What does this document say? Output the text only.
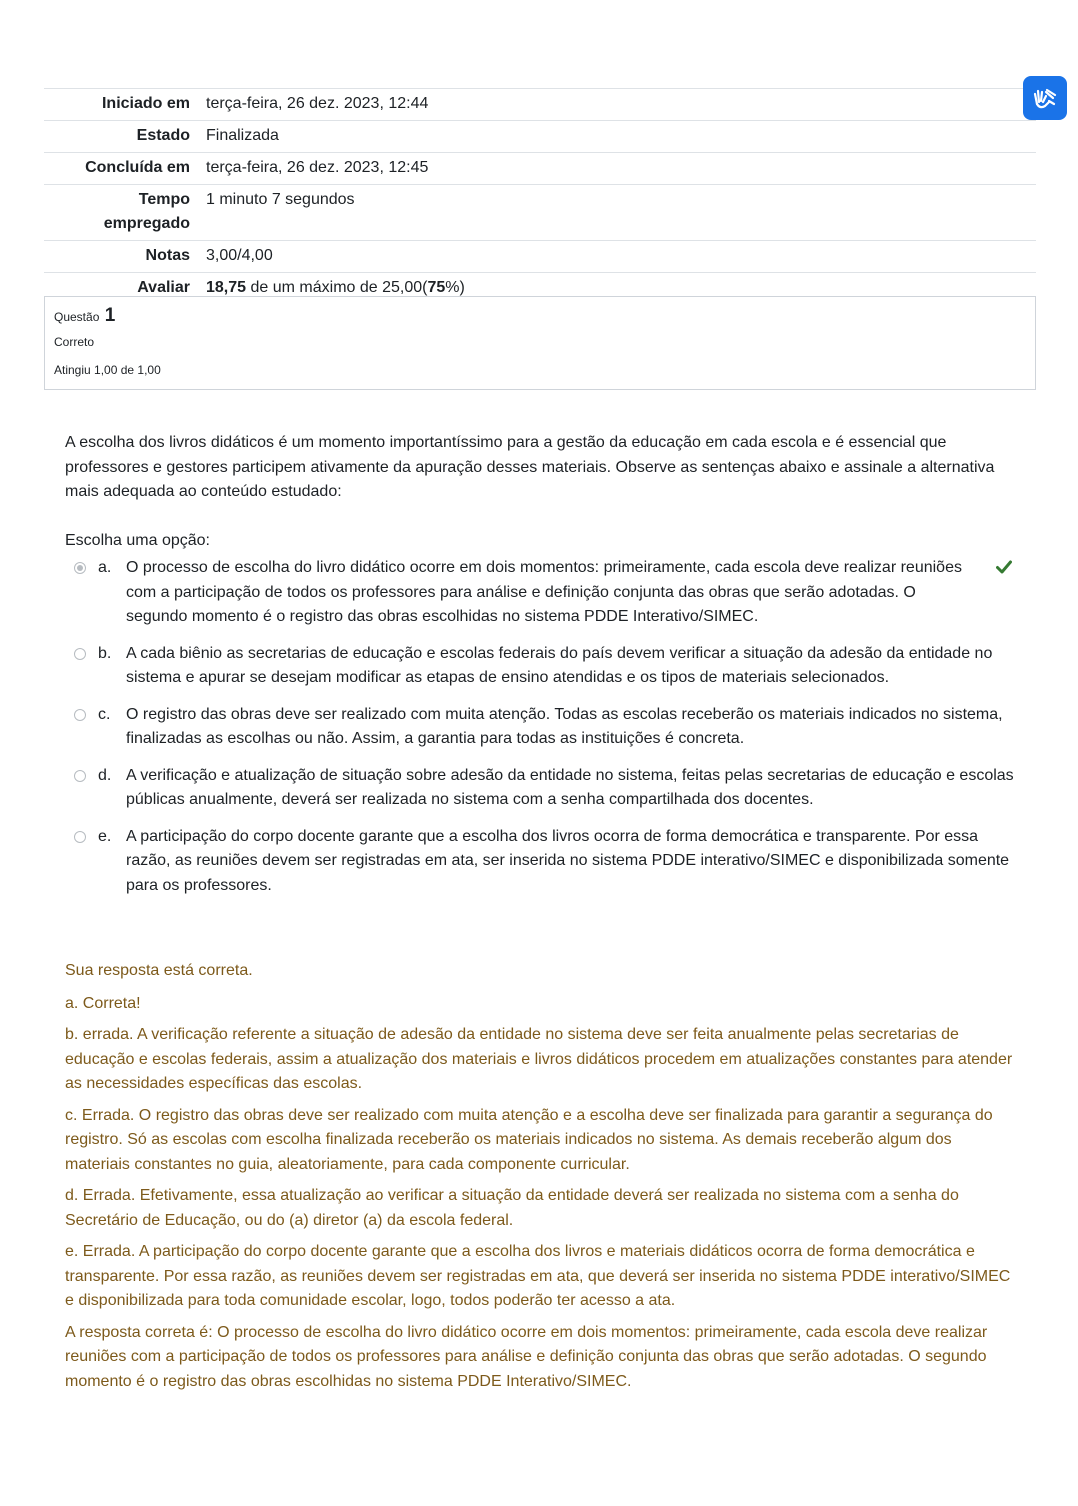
Iniciado em	terça-feira, 26 dez. 2023, 12:44
Estado	Finalizada
Concluída em	terça-feira, 26 dez. 2023, 12:45
Tempo empregado	1 minuto 7 segundos
Notas	3,00/4,00
Avaliar	18,75 de um máximo de 25,00(75%)
Questão 1
Correto
Atingiu 1,00 de 1,00
A escolha dos livros didáticos é um momento importantíssimo para a gestão da educação em cada escola e é essencial que professores e gestores participem ativamente da apuração desses materiais. Observe as sentenças abaixo e assinale a alternativa mais adequada ao conteúdo estudado:
Escolha uma opção:
a. O processo de escolha do livro didático ocorre em dois momentos: primeiramente, cada escola deve realizar reuniões com a participação de todos os professores para análise e definição conjunta das obras que serão adotadas. O segundo momento é o registro das obras escolhidas no sistema PDDE Interativo/SIMEC.
b. A cada biênio as secretarias de educação e escolas federais do país devem verificar a situação da adesão da entidade no sistema e apurar se desejam modificar as etapas de ensino atendidas e os tipos de materiais selecionados.
c. O registro das obras deve ser realizado com muita atenção. Todas as escolas receberão os materiais indicados no sistema, finalizadas as escolhas ou não. Assim, a garantia para todas as instituições é concreta.
d. A verificação e atualização de situação sobre adesão da entidade no sistema, feitas pelas secretarias de educação e escolas públicas anualmente, deverá ser realizada no sistema com a senha compartilhada dos docentes.
e. A participação do corpo docente garante que a escolha dos livros ocorra de forma democrática e transparente. Por essa razão, as reuniões devem ser registradas em ata, ser inserida no sistema PDDE interativo/SIMEC e disponibilizada somente para os professores.

Sua resposta está correta.

a. Correta!

b. errada. A verificação referente a situação de adesão da entidade no sistema deve ser feita anualmente pelas secretarias de educação e escolas federais, assim a atualização dos materiais e livros didáticos procedem em atualizações constantes para atender as necessidades específicas das escolas.

c. Errada. O registro das obras deve ser realizado com muita atenção e a escolha deve ser finalizada para garantir a segurança do registro. Só as escolas com escolha finalizada receberão os materiais indicados no sistema. As demais receberão algum dos materiais constantes no guia, aleatoriamente, para cada componente curricular.

d. Errada. Efetivamente, essa atualização ao verificar a situação da entidade deverá ser realizada no sistema com a senha do Secretário de Educação, ou do (a) diretor (a) da escola federal.

e. Errada. A participação do corpo docente garante que a escolha dos livros e materiais didáticos ocorra de forma democrática e transparente. Por essa razão, as reuniões devem ser registradas em ata, que deverá ser inserida no sistema PDDE interativo/SIMEC e disponibilizada para toda comunidade escolar, logo, todos poderão ter acesso a ata.

A resposta correta é: O processo de escolha do livro didático ocorre em dois momentos: primeiramente, cada escola deve realizar reuniões com a participação de todos os professores para análise e definição conjunta das obras que serão adotadas. O segundo momento é o registro das obras escolhidas no sistema PDDE Interativo/SIMEC.
